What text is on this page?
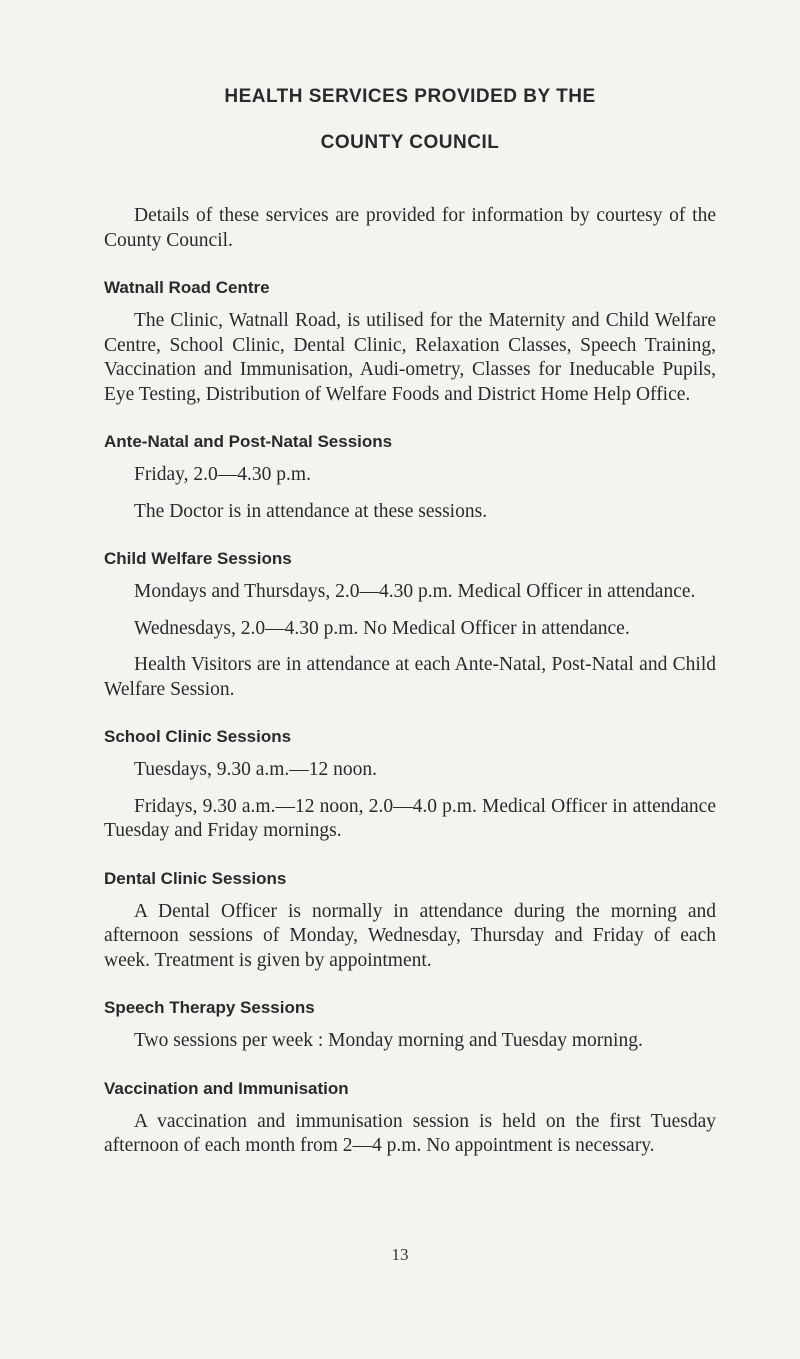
HEALTH SERVICES PROVIDED BY THE
COUNTY COUNCIL

Details of these services are provided for information by courtesy of the County Council.

Watnall Road Centre

The Clinic, Watnall Road, is utilised for the Maternity and Child Welfare Centre, School Clinic, Dental Clinic, Relaxation Classes, Speech Training, Vaccination and Immunisation, Audi-ometry, Classes for Ineducable Pupils, Eye Testing, Distribution of Welfare Foods and District Home Help Office.

Ante-Natal and Post-Natal Sessions

Friday, 2.0—4.30 p.m.

The Doctor is in attendance at these sessions.

Child Welfare Sessions

Mondays and Thursdays, 2.0—4.30 p.m. Medical Officer in attendance.

Wednesdays, 2.0—4.30 p.m. No Medical Officer in attendance.

Health Visitors are in attendance at each Ante-Natal, Post-Natal and Child Welfare Session.

School Clinic Sessions

Tuesdays, 9.30 a.m.—12 noon.

Fridays, 9.30 a.m.—12 noon, 2.0—4.0 p.m. Medical Officer in attendance Tuesday and Friday mornings.

Dental Clinic Sessions

A Dental Officer is normally in attendance during the morning and afternoon sessions of Monday, Wednesday, Thursday and Friday of each week. Treatment is given by appointment.

Speech Therapy Sessions

Two sessions per week : Monday morning and Tuesday morning.

Vaccination and Immunisation

A vaccination and immunisation session is held on the first Tuesday afternoon of each month from 2—4 p.m. No appointment is necessary.

13
